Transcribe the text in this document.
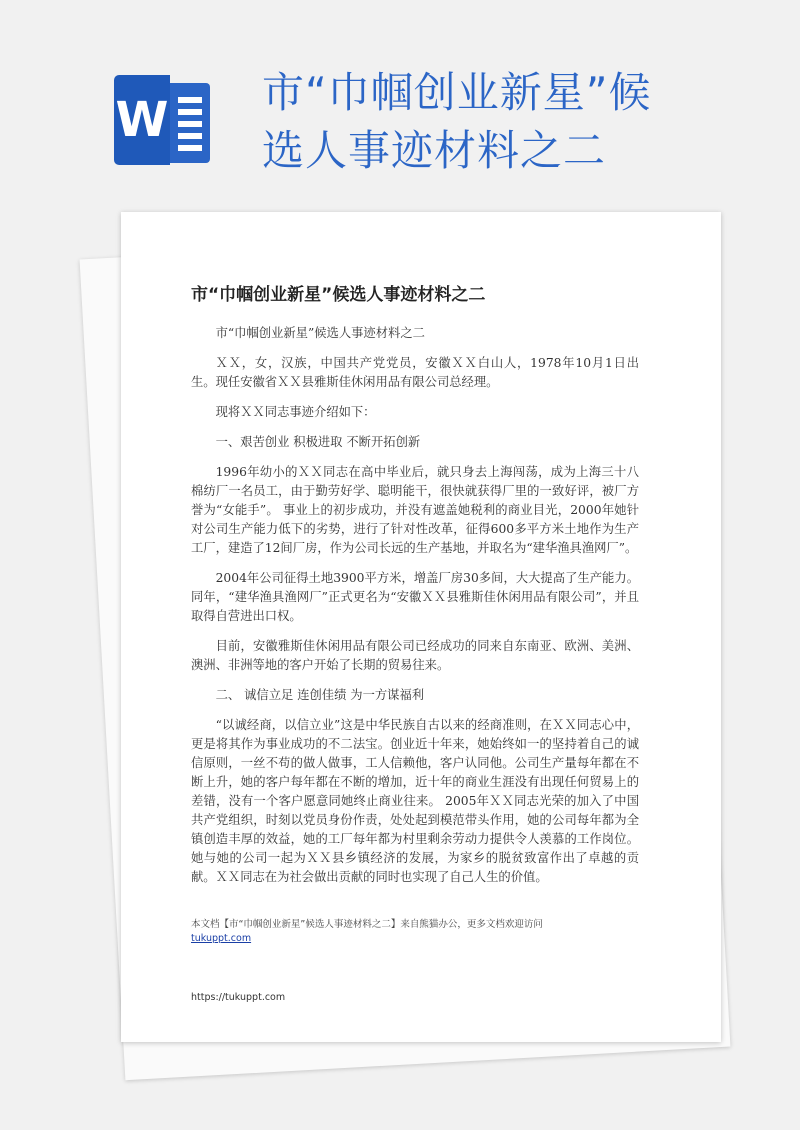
W 市“巾帼创业新星”候
选人事迹材料之二
市“巾帼创业新星”候选人事迹材料之二

市“巾帼创业新星”候选人事迹材料之二

ＸＸ，女，汉族，中国共产党党员，安徽ＸＸ白山人，1978年10月1日出生。现任安徽省ＸＸ县雅斯佳休闲用品有限公司总经理。

现将ＸＸ同志事迹介绍如下：

一、艰苦创业 积极进取 不断开拓创新

1996年幼小的ＸＸ同志在高中毕业后，就只身去上海闯荡，成为上海三十八棉纺厂一名员工，由于勤劳好学、聪明能干，很快就获得厂里的一致好评，被厂方誉为“女能手”。 事业上的初步成功，并没有遮盖她税利的商业目光，2000年她针对公司生产能力低下的劣势，进行了针对性改革，征得600多平方米土地作为生产工厂，建造了12间厂房，作为公司长远的生产基地，并取名为“建华渔具渔网厂”。

2004年公司征得土地3900平方米，增盖厂房30多间，大大提高了生产能力。同年，“建华渔具渔网厂”正式更名为“安徽ＸＸ县雅斯佳休闲用品有限公司”，并且取得自营进出口权。

目前，安徽雅斯佳休闲用品有限公司已经成功的同来自东南亚、欧洲、美洲、澳洲、非洲等地的客户开始了长期的贸易往来。

二、 诚信立足 连创佳绩 为一方谋福利

“以诚经商，以信立业”这是中华民族自古以来的经商准则，在ＸＸ同志心中，更是将其作为事业成功的不二法宝。创业近十年来，她始终如一的坚持着自己的诚信原则，一丝不苟的做人做事，工人信赖他，客户认同他。公司生产量每年都在不断上升，她的客户每年都在不断的增加，近十年的商业生涯没有出现任何贸易上的差错，没有一个客户愿意同她终止商业往来。 2005年ＸＸ同志光荣的加入了中国共产党组织，时刻以党员身份作责，处处起到模范带头作用，她的公司每年都为全镇创造丰厚的效益，她的工厂每年都为村里剩余劳动力提供令人羡慕的工作岗位。她与她的公司一起为ＸＸ县乡镇经济的发展，为家乡的脱贫致富作出了卓越的贡献。ＸＸ同志在为社会做出贡献的同时也实现了自己人生的价值。

本文档【市“巾帼创业新星”候选人事迹材料之二】来自熊猫办公，更多文档欢迎访问
tukuppt.com
https://tukuppt.com
